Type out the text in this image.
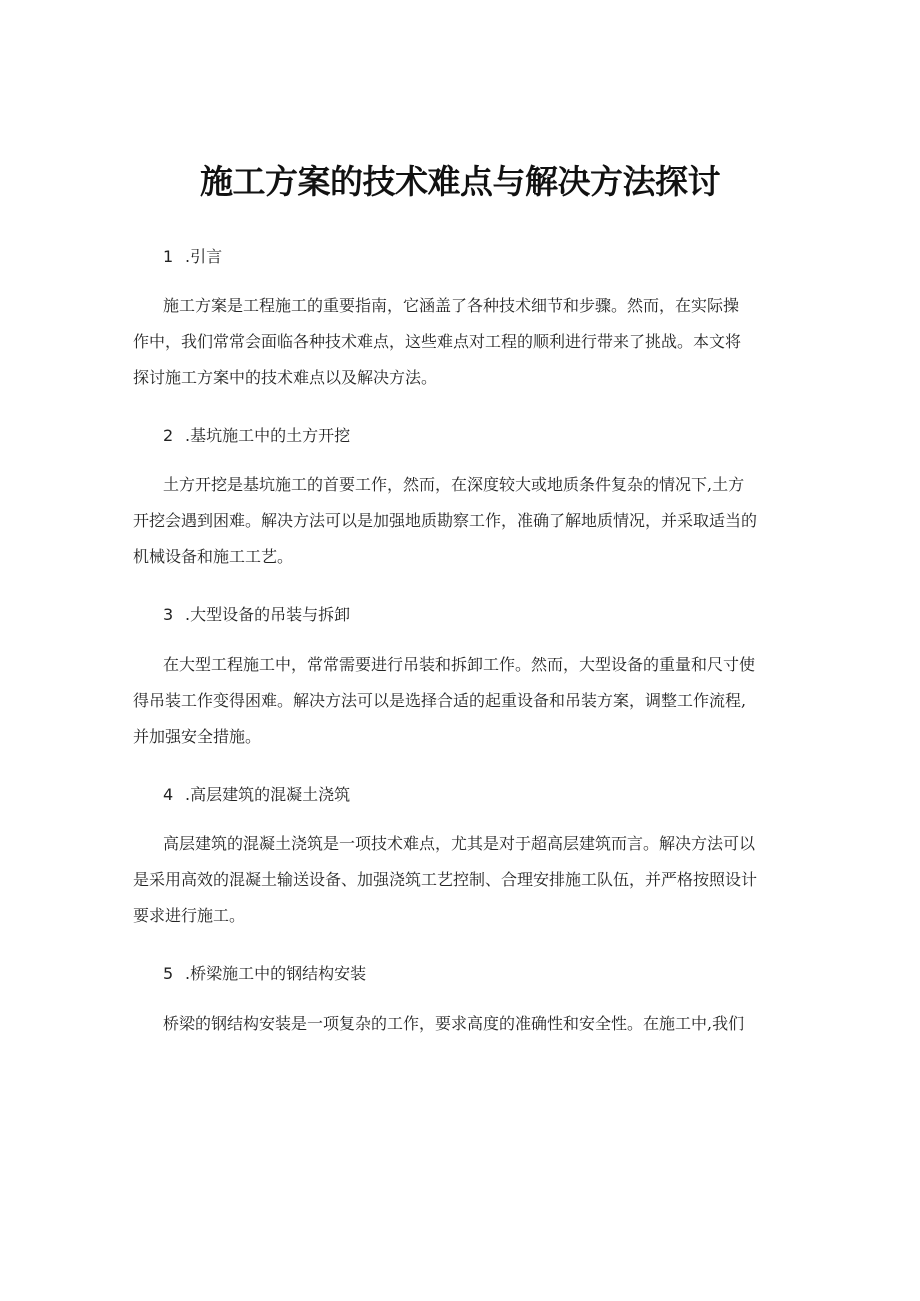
施工方案的技术难点与解决方法探讨
1 .引言
施工方案是工程施工的重要指南，它涵盖了各种技术细节和步骤。然而，在实际操
作中，我们常常会面临各种技术难点，这些难点对工程的顺利进行带来了挑战。本文将
探讨施工方案中的技术难点以及解决方法。
2 .基坑施工中的土方开挖
土方开挖是基坑施工的首要工作，然而，在深度较大或地质条件复杂的情况下,土方
开挖会遇到困难。解决方法可以是加强地质勘察工作，准确了解地质情况，并采取适当的
机械设备和施工工艺。
3 .大型设备的吊装与拆卸
在大型工程施工中，常常需要进行吊装和拆卸工作。然而，大型设备的重量和尺寸使
得吊装工作变得困难。解决方法可以是选择合适的起重设备和吊装方案，调整工作流程,
并加强安全措施。
4 .高层建筑的混凝土浇筑
高层建筑的混凝土浇筑是一项技术难点，尤其是对于超高层建筑而言。解决方法可以
是采用高效的混凝土输送设备、加强浇筑工艺控制、合理安排施工队伍，并严格按照设计
要求进行施工。
5 .桥梁施工中的钢结构安装
桥梁的钢结构安装是一项复杂的工作，要求高度的准确性和安全性。在施工中,我们
